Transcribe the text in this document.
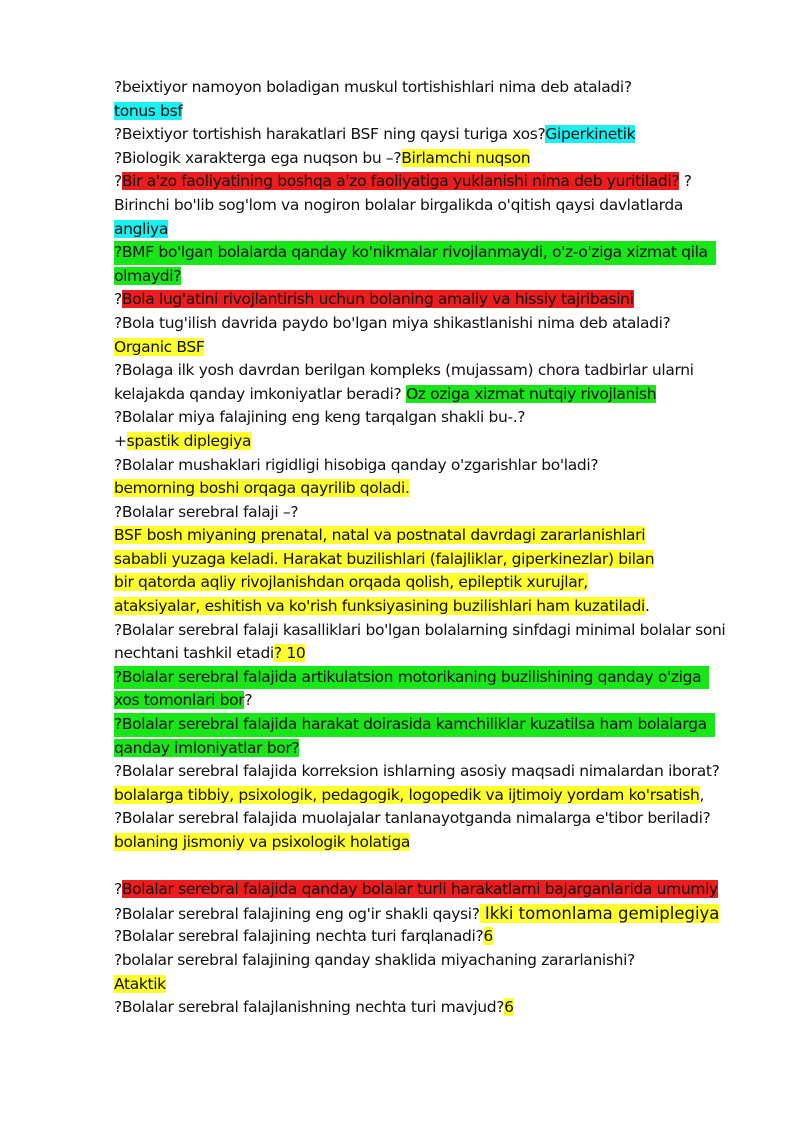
?beixtiyor namoyon boladigan muskul tortishishlari nima deb ataladi?
tonus bsf
?Beixtiyor tortishish harakatlari BSF ning qaysi turiga xos?Giperkinetik
?Biologik xarakterga ega nuqson bu –?Birlamchi nuqson
?Bir a'zo faoliyatining boshqa a'zo faoliyatiga yuklanishi nima deb yuritiladi? ?
Birinchi bo'lib sog'lom va nogiron bolalar birgalikda o'qitish qaysi davlatlarda
angliya
?BMF bo'lgan bolalarda qanday ko'nikmalar rivojlanmaydi, o'z-o'ziga xizmat qila
olmaydi?
?Bola lug'atini rivojlantirish uchun bolaning amaliy va hissiy tajribasini
?Bola tug'ilish davrida paydo bo'lgan miya shikastlanishi nima deb ataladi?
Organic BSF
?Bolaga ilk yosh davrdan berilgan kompleks (mujassam) chora tadbirlar ularni
kelajakda qanday imkoniyatlar beradi? Oz oziga xizmat nutqiy rivojlanish
?Bolalar miya falajining eng keng tarqalgan shakli bu-.?
+spastik diplegiya
?Bolalar mushaklari rigidligi hisobiga qanday o'zgarishlar bo'ladi?
bemorning boshi orqaga qayrilib qoladi.
?Bolalar serebral falaji –?
BSF bosh miyaning prenatal, natal va postnatal davrdagi zararlanishlari
sababli yuzaga keladi. Harakat buzilishlari (falajliklar, giperkinezlar) bilan
bir qatorda aqliy rivojlanishdan orqada qolish, epileptik xurujlar,
ataksiyalar, eshitish va ko'rish funksiyasining buzilishlari ham kuzatiladi.
?Bolalar serebral falaji kasalliklari bo'lgan bolalarning sinfdagi minimal bolalar soni
nechtani tashkil etadi? 10
?Bolalar serebral falajida artikulatsion motorikaning buzilishining qanday o'ziga
xos tomonlari bor?
?Bolalar serebral falajida harakat doirasida kamchiliklar kuzatilsa ham bolalarga
qanday imloniyatlar bor?
?Bolalar serebral falajida korreksion ishlarning asosiy maqsadi nimalardan iborat?
bolalarga tibbiy, psixologik, pedagogik, logopedik va ijtimoiy yordam ko'rsatish,
?Bolalar serebral falajida muolajalar tanlanayotganda nimalarga e'tibor beriladi?
bolaning jismoniy va psixologik holatiga
?Bolalar serebral falajida qanday bolalar turli harakatlarni bajarganlarida umumiy
?Bolalar serebral falajining eng og'ir shakli qaysi? Ikki tomonlama gemiplegiya
?Bolalar serebral falajining nechta turi farqlanadi?6
?bolalar serebral falajining qanday shaklida miyachaning zararlanishi?
Ataktik
?Bolalar serebral falajlanishning nechta turi mavjud?6
